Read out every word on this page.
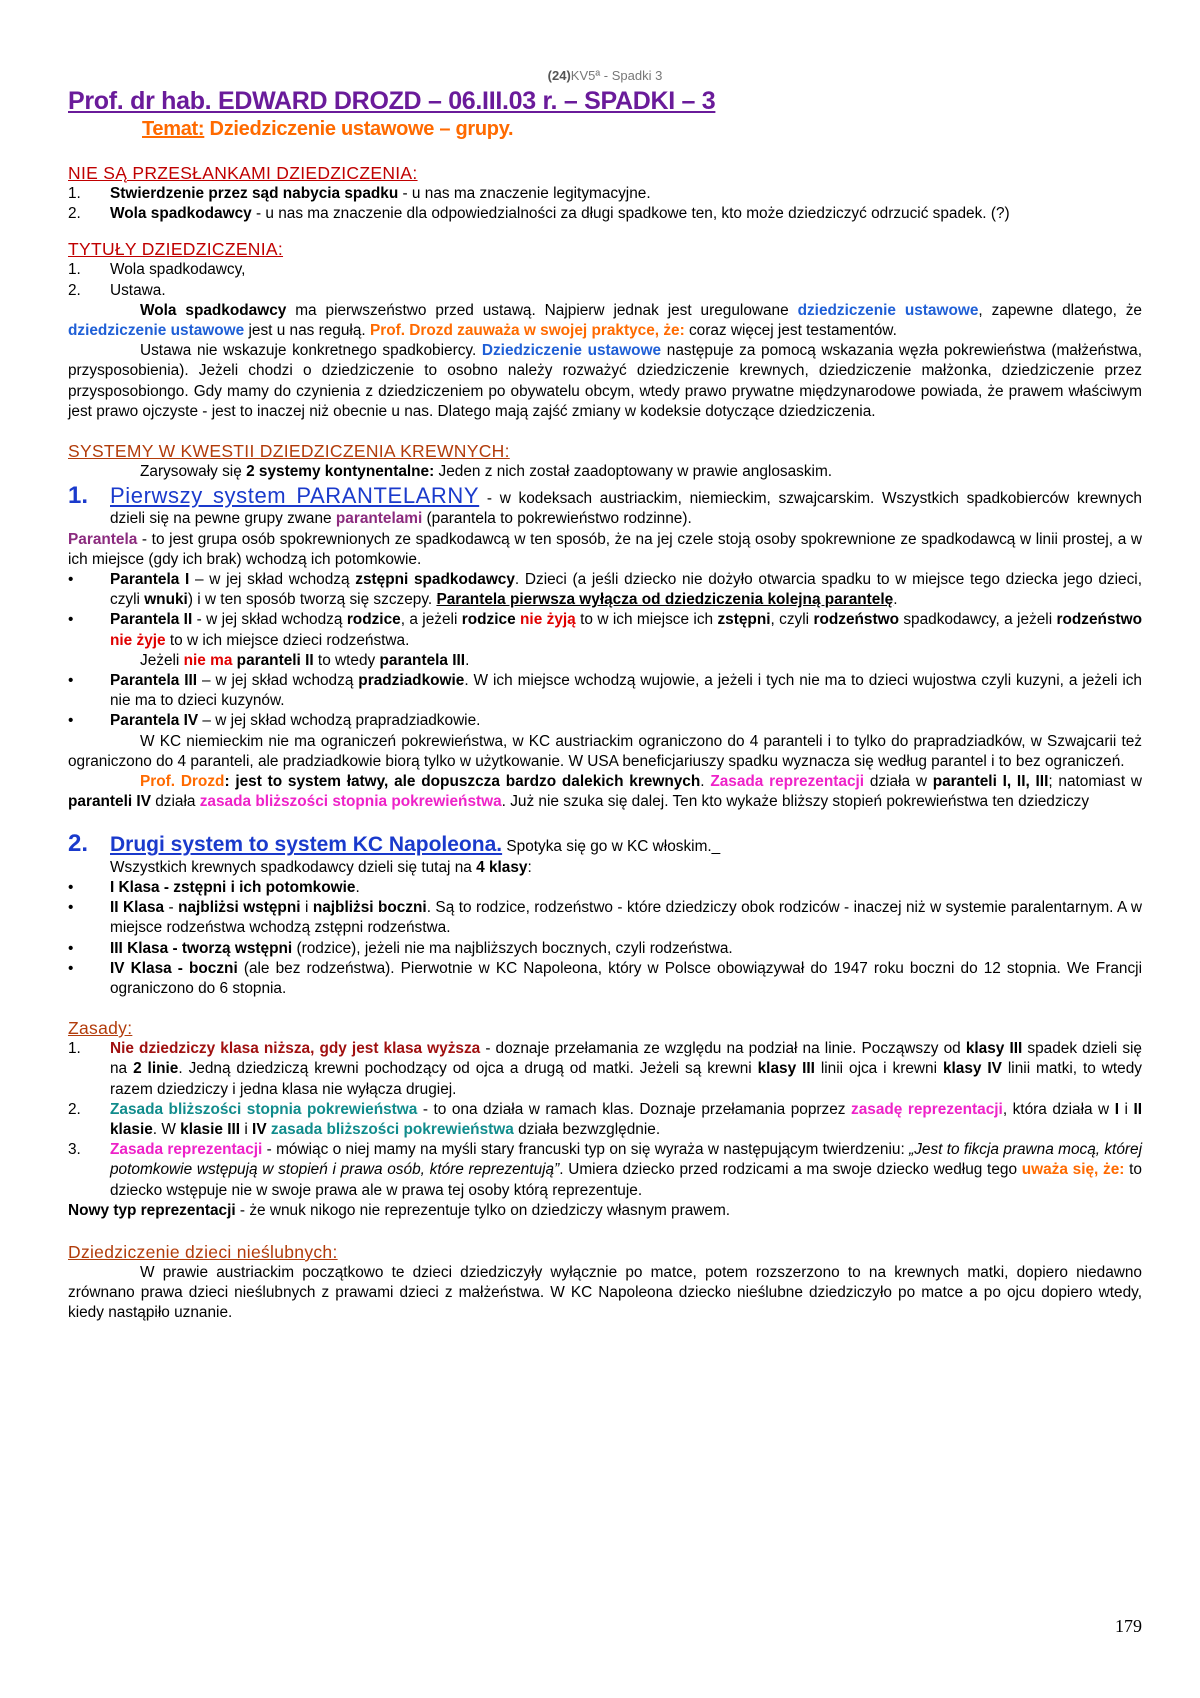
(24)KV5ª - Spadki 3
Prof. dr hab. EDWARD DROZD – 06.III.03 r. – SPADKI – 3
Temat: Dziedziczenie ustawowe – grupy.
NIE SĄ PRZESŁANKAMI DZIEDZICZENIA:
1.	Stwierdzenie przez sąd nabycia spadku - u nas ma znaczenie legitymacyjne.
2.	Wola spadkodawcy - u nas ma znaczenie dla odpowiedzialności za długi spadkowe ten, kto może dziedziczyć odrzucić spadek. (?)
TYTUŁY DZIEDZICZENIA:
1.	Wola spadkodawcy,
2.	Ustawa.
Wola spadkodawcy ma pierwszeństwo przed ustawą. Najpierw jednak jest uregulowane dziedziczenie ustawowe, zapewne dlatego, że dziedziczenie ustawowe jest u nas regułą. Prof. Drozd zauważa w swojej praktyce, że: coraz więcej jest testamentów.
Ustawa nie wskazuje konkretnego spadkobiercy. Dziedziczenie ustawowe następuje za pomocą wskazania węzła pokrewieństwa (małżeństwa, przysposobienia). Jeżeli chodzi o dziedziczenie to osobno należy rozważyć dziedziczenie krewnych, dziedziczenie małżonka, dziedziczenie przez przysposobiongo. Gdy mamy do czynienia z dziedziczeniem po obywatelu obcym, wtedy prawo prywatne międzynarodowe powiada, że prawem właściwym jest prawo ojczyste - jest to inaczej niż obecnie u nas. Dlatego mają zajść zmiany w kodeksie dotyczące dziedziczenia.
SYSTEMY W KWESTII DZIEDZICZENIA KREWNYCH:
Zarysowały się 2 systemy kontynentalne: Jeden z nich został zaadoptowany w prawie anglosaskim.
1. Pierwszy system PARANTELARNY - w kodeksach austriackim, niemieckim, szwajcarskim. Wszystkich spadkobierców krewnych dzieli się na pewne grupy zwane parantelami (parantela to pokrewieństwo rodzinne).
Parantela - to jest grupa osób spokrewnionych ze spadkodawcą w ten sposób, że na jej czele stoją osoby spokrewnione ze spadkodawcą w linii prostej, a w ich miejsce (gdy ich brak) wchodzą ich potomkowie.
•	Parantela I – w jej skład wchodzą zstępni spadkodawcy. Dzieci (a jeśli dziecko nie dożyło otwarcia spadku to w miejsce tego dziecka jego dzieci, czyli wnuki) i w ten sposób tworzą się szczepy. Parantela pierwsza wyłącza od dziedziczenia kolejną parantelę.
•	Parantela II - w jej skład wchodzą rodzice, a jeżeli rodzice nie żyją to w ich miejsce ich zstępni, czyli rodzeństwo spadkodawcy, a jeżeli rodzeństwo nie żyje to w ich miejsce dzieci rodzeństwa.
Jeżeli nie ma paranteli II to wtedy parantela III.
•	Parantela III – w jej skład wchodzą pradziadkowie. W ich miejsce wchodzą wujowie, a jeżeli i tych nie ma to dzieci wujostwa czyli kuzyni, a jeżeli ich nie ma to dzieci kuzynów.
•	Parantela IV – w jej skład wchodzą prapradziadkowie.
W KC niemieckim nie ma ograniczeń pokrewieństwa, w KC austriackim ograniczono do 4 paranteli i to tylko do prapradziadków, w Szwajcarii też ograniczono do 4 paranteli, ale pradziadkowie biorą tylko w użytkowanie. W USA beneficjariuszy spadku wyznacza się według parantel i to bez ograniczeń.
Prof. Drozd: jest to system łatwy, ale dopuszcza bardzo dalekich krewnych. Zasada reprezentacji działa w paranteli I, II, III; natomiast w paranteli IV działa zasada bliższości stopnia pokrewieństwa. Już nie szuka się dalej. Ten kto wykaże bliższy stopień pokrewieństwa ten dziedziczy
2.	Drugi system to system KC Napoleona. Spotyka się go w KC włoskim._
Wszystkich krewnych spadkodawcy dzieli się tutaj na 4 klasy:
•	I Klasa - zstępni i ich potomkowie.
•	II Klasa - najbliżsi wstępni i najbliżsi boczni. Są to rodzice, rodzeństwo - które dziedziczy obok rodziców - inaczej niż w systemie paralentarnym. A w miejsce rodzeństwa wchodzą zstępni rodzeństwa.
•	III Klasa - tworzą wstępni (rodzice), jeżeli nie ma najbliższych bocznych, czyli rodzeństwa.
•	IV Klasa - boczni (ale bez rodzeństwa). Pierwotnie w KC Napoleona, który w Polsce obowiązywał do 1947 roku boczni do 12 stopnia. We Francji ograniczono do 6 stopnia.
Zasady:
1.	Nie dziedziczy klasa niższa, gdy jest klasa wyższa - doznaje przełamania ze względu na podział na linie. Począwszy od klasy III spadek dzieli się na 2 linie. Jedną dziedziczą krewni pochodzący od ojca a drugą od matki. Jeżeli są krewni klasy III linii ojca i krewni klasy IV linii matki, to wtedy razem dziedziczy i jedna klasa nie wyłącza drugiej.
2.	Zasada bliższości stopnia pokrewieństwa - to ona działa w ramach klas. Doznaje przełamania poprzez zasadę reprezentacji, która działa w I i II klasie. W klasie III i IV zasada bliższości pokrewieństwa działa bezwzględnie.
3.	Zasada reprezentacji - mówiąc o niej mamy na myśli stary francuski typ on się wyraża w następującym twierdzeniu: „Jest to fikcja prawna mocą, której potomkowie wstępują w stopień i prawa osób, które reprezentują”. Umiera dziecko przed rodzicami a ma swoje dziecko według tego uważa się, że: to dziecko wstępuje nie w swoje prawa ale w prawa tej osoby którą reprezentuje.
Nowy typ reprezentacji - że wnuk nikogo nie reprezentuje tylko on dziedziczy własnym prawem.
Dziedziczenie dzieci nieślubnych:
W prawie austriackim początkowo te dzieci dziedziczyły wyłącznie po matce, potem rozszerzono to na krewnych matki, dopiero niedawno zrównano prawa dzieci nieślubnych z prawami dzieci z małżeństwa. W KC Napoleona dziecko nieślubne dziedziczyło po matce a po ojcu dopiero wtedy, kiedy nastąpiło uznanie.
179
